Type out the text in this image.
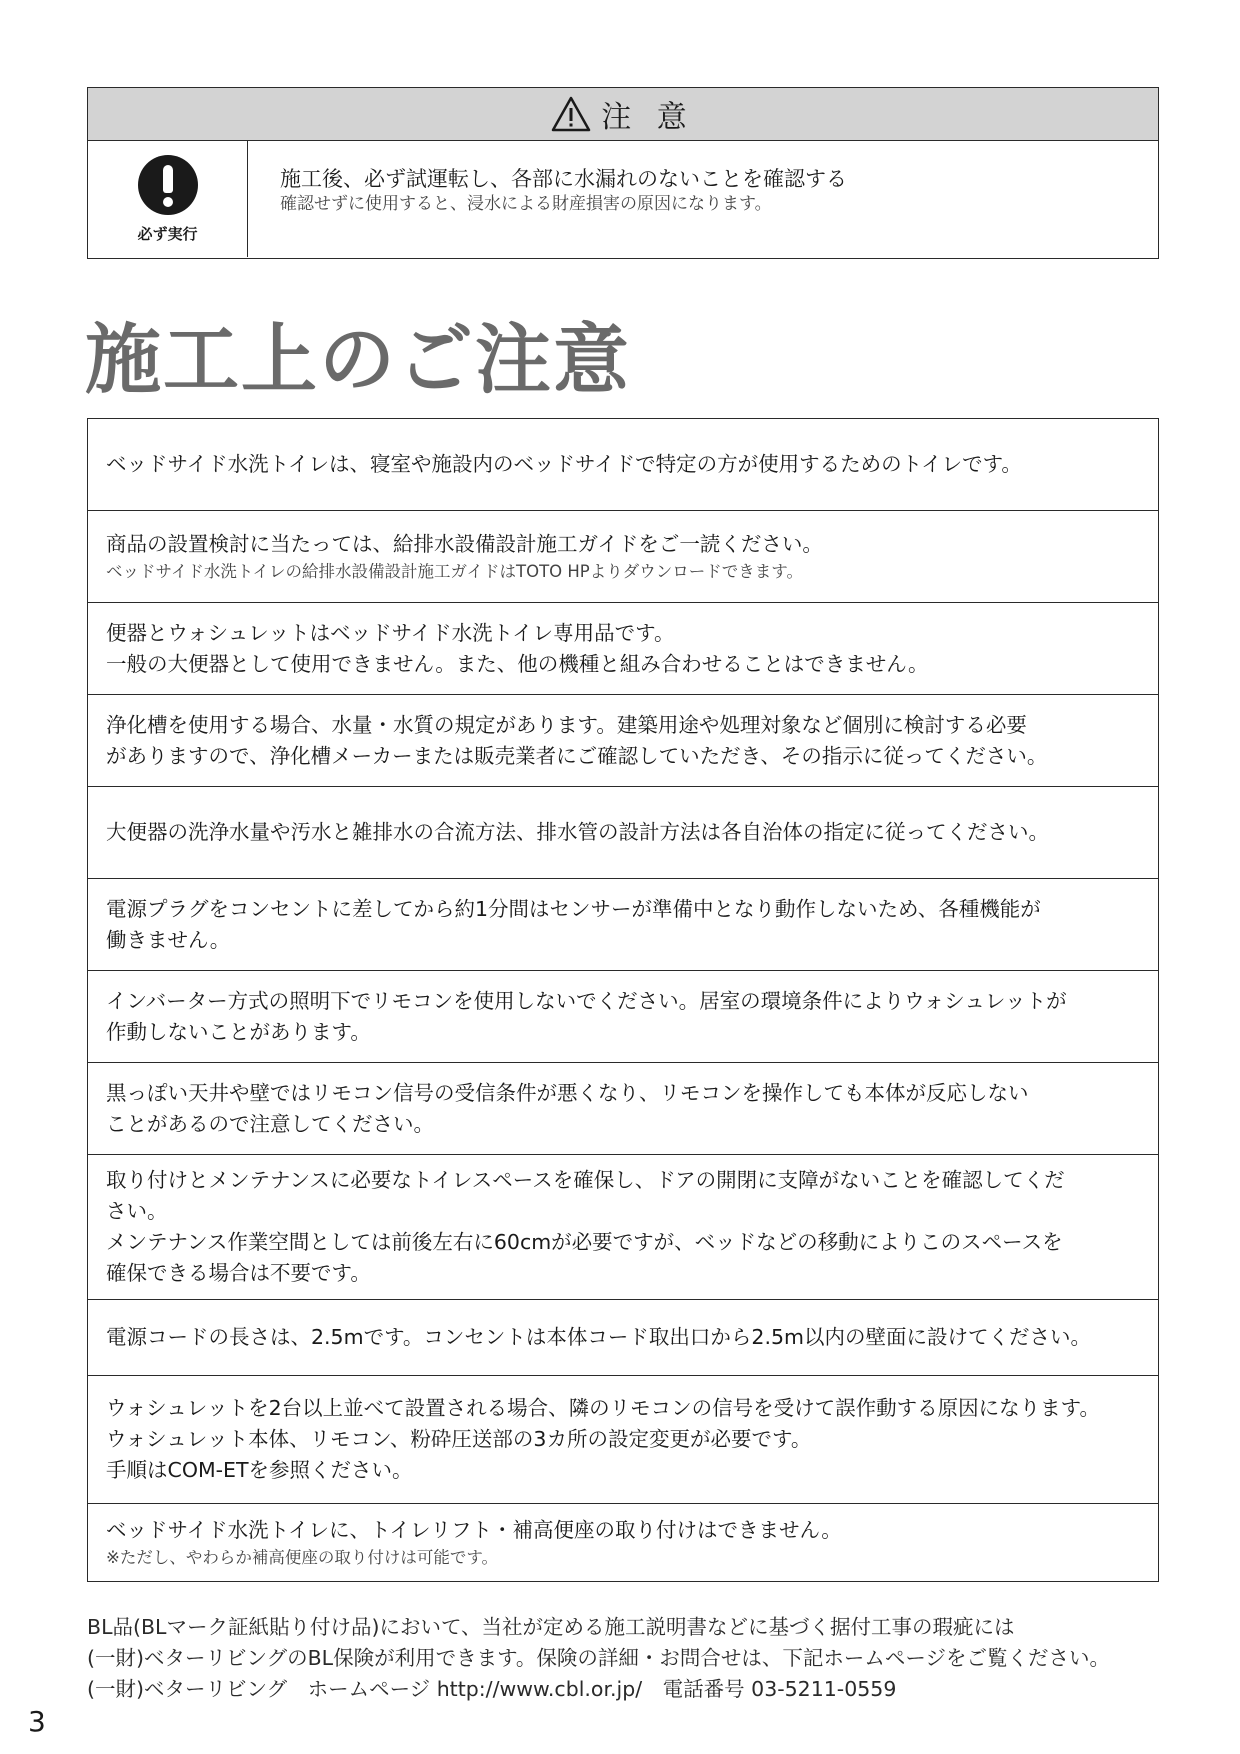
注 意
必ず実行
施工後、必ず試運転し、各部に水漏れのないことを確認する
確認せずに使用すると、浸水による財産損害の原因になります。
施工上のご注意
ベッドサイド水洗トイレは、寝室や施設内のベッドサイドで特定の方が使用するためのトイレです。
商品の設置検討に当たっては、給排水設備設計施工ガイドをご一読ください。
ベッドサイド水洗トイレの給排水設備設計施工ガイドはTOTO HPよりダウンロードできます。
便器とウォシュレットはベッドサイド水洗トイレ専用品です。
一般の大便器として使用できません。また、他の機種と組み合わせることはできません。
浄化槽を使用する場合、水量・水質の規定があります。建築用途や処理対象など個別に検討する必要
がありますので、浄化槽メーカーまたは販売業者にご確認していただき、その指示に従ってください。
大便器の洗浄水量や汚水と雑排水の合流方法、排水管の設計方法は各自治体の指定に従ってください。
電源プラグをコンセントに差してから約1分間はセンサーが準備中となり動作しないため、各種機能が
働きません。
インバーター方式の照明下でリモコンを使用しないでください。居室の環境条件によりウォシュレットが
作動しないことがあります。
黒っぽい天井や壁ではリモコン信号の受信条件が悪くなり、リモコンを操作しても本体が反応しない
ことがあるので注意してください。
取り付けとメンテナンスに必要なトイレスペースを確保し、ドアの開閉に支障がないことを確認してくだ
さい。
メンテナンス作業空間としては前後左右に60cmが必要ですが、ベッドなどの移動によりこのスペースを
確保できる場合は不要です。
電源コードの長さは、2.5mです。コンセントは本体コード取出口から2.5m以内の壁面に設けてください。
ウォシュレットを2台以上並べて設置される場合、隣のリモコンの信号を受けて誤作動する原因になります。
ウォシュレット本体、リモコン、粉砕圧送部の3カ所の設定変更が必要です。
手順はCOM-ETを参照ください。
ベッドサイド水洗トイレに、トイレリフト・補高便座の取り付けはできません。
※ただし、やわらか補高便座の取り付けは可能です。
BL品(BLマーク証紙貼り付け品)において、当社が定める施工説明書などに基づく据付工事の瑕疵には
(一財)ベターリビングのBL保険が利用できます。保険の詳細・お問合せは、下記ホームページをご覧ください。
(一財)ベターリビング　ホームページ http://www.cbl.or.jp/　電話番号 03-5211-0559
3
